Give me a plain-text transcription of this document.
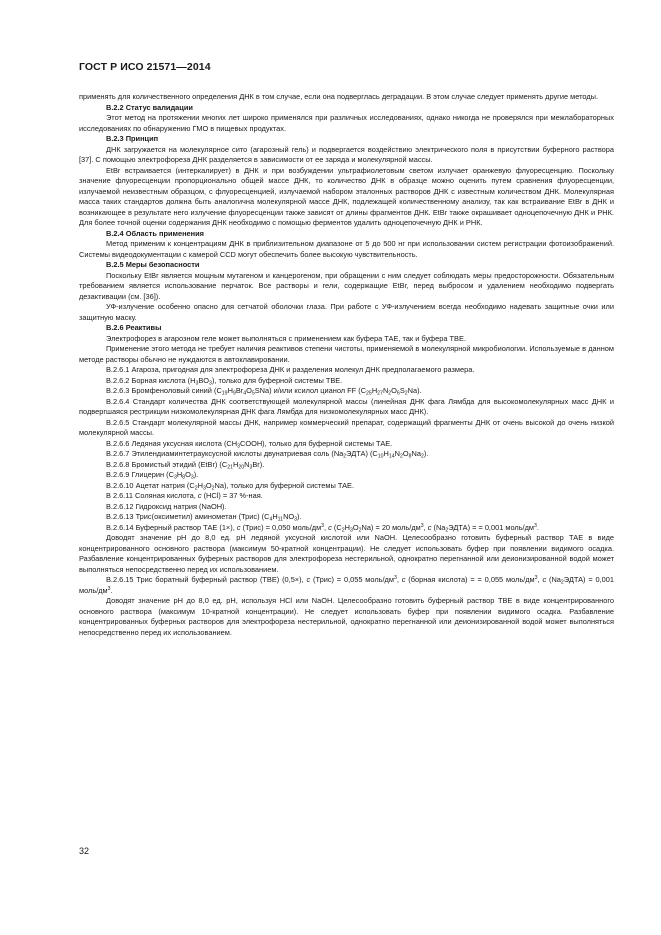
ГОСТ Р ИСО 21571—2014

применять для количественного определения ДНК в том случае, если она подверглась деградации. В этом случае следует применять другие методы.

В.2.2 Статус валидации

Этот метод на протяжении многих лет широко применялся при различных исследованиях, однако никогда не проверялся при межлабораторных исследованиях по обнаружению ГМО в пищевых продуктах.

В.2.3 Принцип

ДНК загружается на молекулярное сито (агарозный гель) и подвергается воздействию электрического поля в присутствии буферного раствора [37]. С помощью электрофореза ДНК разделяется в зависимости от ее заряда и молекулярной массы.

EtBr встраивается (интеркалирует) в ДНК и при возбуждении ультрафиолетовым светом излучает оранжевую флуоресценцию. Поскольку значение флуоресценции пропорционально общей массе ДНК, то количество ДНК в образце можно оценить путем сравнения флуоресценции, излучаемой неизвестным образцом, с флуоресценцией, излучаемой набором эталонных растворов ДНК с известным количеством ДНК. Молекулярная масса таких стандартов должна быть аналогична молекулярной массе ДНК, подлежащей количественному анализу, так как встраивание EtBr в ДНК и возникающее в результате него излучение флуоресценции также зависят от длины фрагментов ДНК. EtBr также окрашивает одноцепочечную ДНК и РНК. Для более точной оценки содержания ДНК необходимо с помощью ферментов удалить одноцепочечную ДНК и РНК.

В.2.4 Область применения

Метод применим к концентрациям ДНК в приблизительном диапазоне от 5 до 500 нг при использовании систем регистрации фотоизображений. Системы видеодокументации с камерой CCD могут обеспечить более высокую чувствительность.

В.2.5 Меры безопасности

Поскольку EtBr является мощным мутагеном и канцерогеном, при обращении с ним следует соблюдать меры предосторожности. Обязательным требованием является использование перчаток. Все растворы и гели, содержащие EtBr, перед выбросом и удалением необходимо подвергать дезактивации (см. [36]).

УФ-излучение особенно опасно для сетчатой оболочки глаза. При работе с УФ-излучением всегда необходимо надевать защитные очки или защитную маску.

В.2.6 Реактивы

Электрофорез в агарозном геле может выполняться с применением как буфера ТАЕ, так и буфера ТВЕ.

Применение этого метода не требует наличия реактивов степени чистоты, применяемой в молекулярной микробиологии. Используемые в данном методе растворы обычно не нуждаются в автоклавировании.

В.2.6.1 Агароза, пригодная для электрофореза ДНК и разделения молекул ДНК предполагаемого размера.

В.2.6.2 Борная кислота $(H_3BO_3)$, только для буферной системы ТВЕ.

В.2.6.3 Бромфеноловый синий $(C_{19}H_9Br_4O_5SNa)$ и/или ксилол цианол FF $(C_{25}H_{27}N_2O_6S_2Na)$.

В.2.6.4 Стандарт количества ДНК соответствующей молекулярной массы (линейная ДНК фага Лямбда для высокомолекулярных масс ДНК и подвергшаяся рестрикции низкомолекулярная ДНК фага Лямбда для низкомолекулярных масс ДНК).

В.2.6.5 Стандарт молекулярной массы ДНК, например коммерческий препарат, содержащий фрагменты ДНК от очень высокой до очень низкой молекулярной массы.

В.2.6.6 Ледяная уксусная кислота $(CH_3COOH)$, только для буферной системы ТАЕ.

В.2.6.7 Этилендиаминтетрауксусной кислоты двунатриевая соль $(Na_2ЭДТА)$ $(C_{10}H_{14}N_2O_8Na_2)$.

В.2.6.8 Бромистый этидий (EtBr) $(C_{21}H_{20}N_3Br)$.

В.2.6.9 Глицерин $(C_3H_8O_3)$.

В.2.6.10 Ацетат натрия $(C_2H_3O_2Na)$, только для буферной системы ТАЕ.

В 2.6.11 Соляная кислота, c (HCl) = 37 %-ная.

В.2.6.12 Гидроксид натрия (NaOH).

В.2.6.13 Трис(оксиметил) аминометан (Трис) $(C_4H_{11}NO_3)$.

В.2.6.14 Буферный раствор ТАЕ (1×), c (Трис) = 0,050 моль/$дм^3$, c $(C_2H_3O_2Na) = 20$ моль/$дм^3$, c $(Na_2ЭДТА)$ = = 0,001 моль/$дм^3$.

Доводят значение pH до 8,0 ед. pH ледяной уксусной кислотой или NaOH. Целесообразно готовить буферный раствор ТАЕ в виде концентрированного основного раствора (максимум 50-кратной концентрации). Не следует использовать буфер при появлении видимого осадка. Разбавление концентрированных буферных растворов для электрофореза нестерильной, однократно перегнанной или деионизированной водой может выполняться непосредственно перед их использованием.

В.2.6.15 Трис боратный буферный раствор (ТВЕ) (0,5×), c (Трис) = 0,055 моль/$дм^3$, c (борная кислота) = = 0,055 моль/$дм^3$, c $(Na_2ЭДТА) = 0,001$ моль/$дм^3$.

Доводят значение pH до 8,0 ед. pH, используя HCl или NaOH. Целесообразно готовить буферный раствор ТВЕ в виде концентрированного основного раствора (максимум 10-кратной концентрации). Не следует использовать буфер при появлении видимого осадка. Разбавление концентрированных буферных растворов для электрофореза нестерильной, однократно перегнанной или деионизированной водой может выполняться непосредственно перед их использованием.

32
